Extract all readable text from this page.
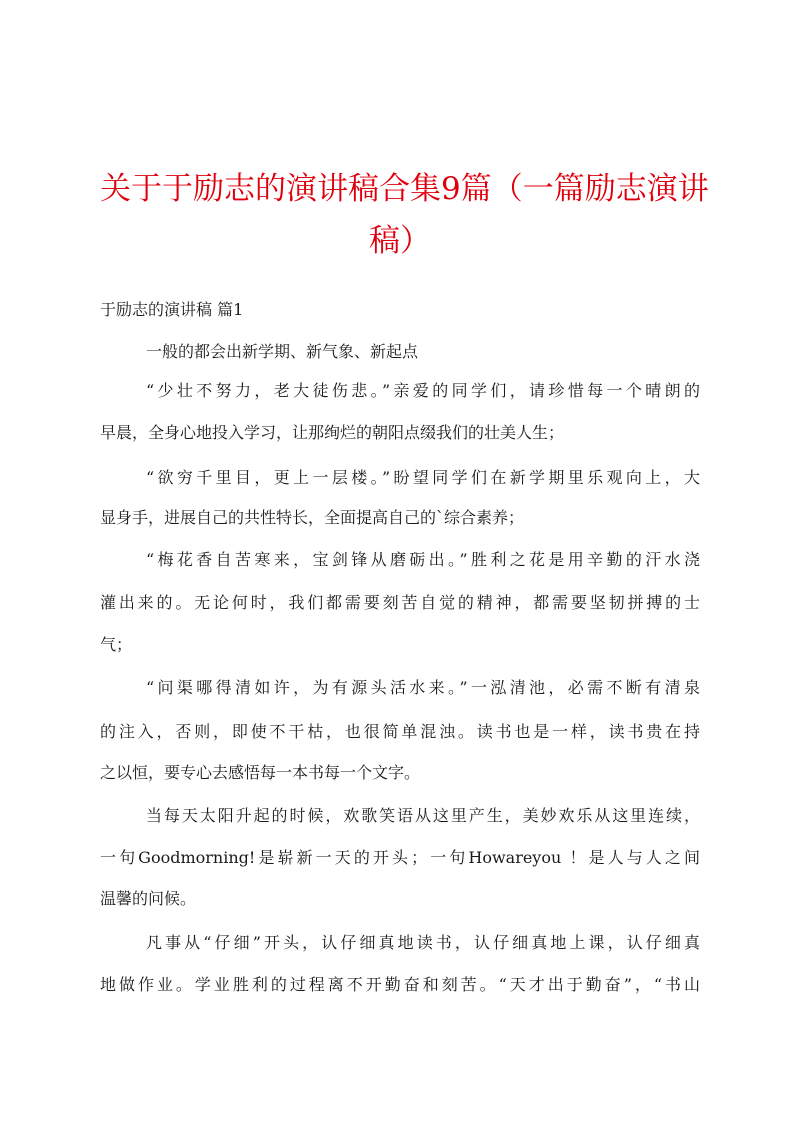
关于于励志的演讲稿合集9篇（一篇励志演讲
稿）

于励志的演讲稿 篇1

一般的都会出新学期、新气象、新起点

“少壮不努力，老大徒伤悲。”亲爱的同学们，请珍惜每一个晴朗的

早晨，全身心地投入学习，让那绚烂的朝阳点缀我们的壮美人生；

“欲穷千里目，更上一层楼。”盼望同学们在新学期里乐观向上，大

显身手，进展自己的共性特长，全面提高自己的`综合素养；

“梅花香自苦寒来，宝剑锋从磨砺出。”胜利之花是用辛勤的汗水浇

灌出来的。无论何时，我们都需要刻苦自觉的精神，都需要坚韧拼搏的士

气；

“问渠哪得清如许，为有源头活水来。”一泓清池，必需不断有清泉

的注入，否则，即使不干枯，也很简单混浊。读书也是一样，读书贵在持

之以恒，要专心去感悟每一本书每一个文字。

当每天太阳升起的时候，欢歌笑语从这里产生，美妙欢乐从这里连续，

一句Goodmorning!是崭新一天的开头；一句Howareyou ！是人与人之间

温馨的问候。

凡事从“仔细”开头，认仔细真地读书，认仔细真地上课，认仔细真

地做作业。学业胜利的过程离不开勤奋和刻苦。“天才出于勤奋”，“书山
